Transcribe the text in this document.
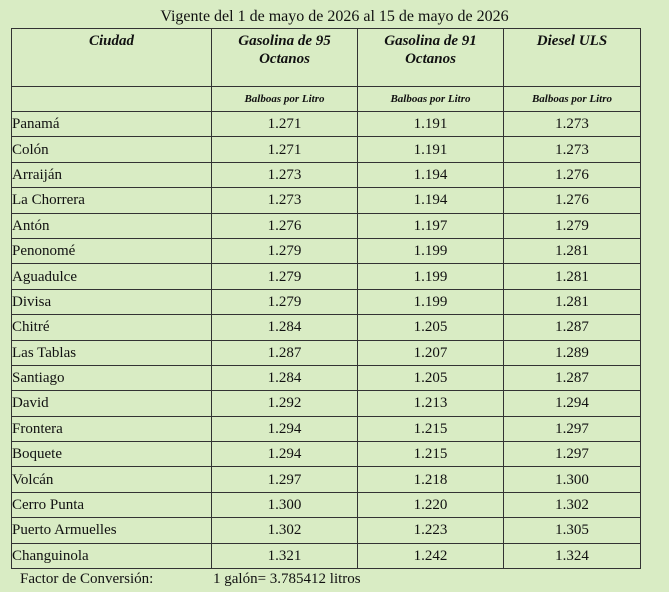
Vigente del 1 de mayo de 2026 al 15 de mayo de 2026
Ciudad	Gasolina de 95 Octanos	Gasolina de 91 Octanos	Diesel ULS
	Balboas por Litro	Balboas por Litro	Balboas por Litro
Panamá	1.271	1.191	1.273
Colón	1.271	1.191	1.273
Arraiján	1.273	1.194	1.276
La Chorrera	1.273	1.194	1.276
Antón	1.276	1.197	1.279
Penonomé	1.279	1.199	1.281
Aguadulce	1.279	1.199	1.281
Divisa	1.279	1.199	1.281
Chitré	1.284	1.205	1.287
Las Tablas	1.287	1.207	1.289
Santiago	1.284	1.205	1.287
David	1.292	1.213	1.294
Frontera	1.294	1.215	1.297
Boquete	1.294	1.215	1.297
Volcán	1.297	1.218	1.300
Cerro Punta	1.300	1.220	1.302
Puerto Armuelles	1.302	1.223	1.305
Changuinola	1.321	1.242	1.324
Factor de Conversión:	1 galón= 3.785412 litros
